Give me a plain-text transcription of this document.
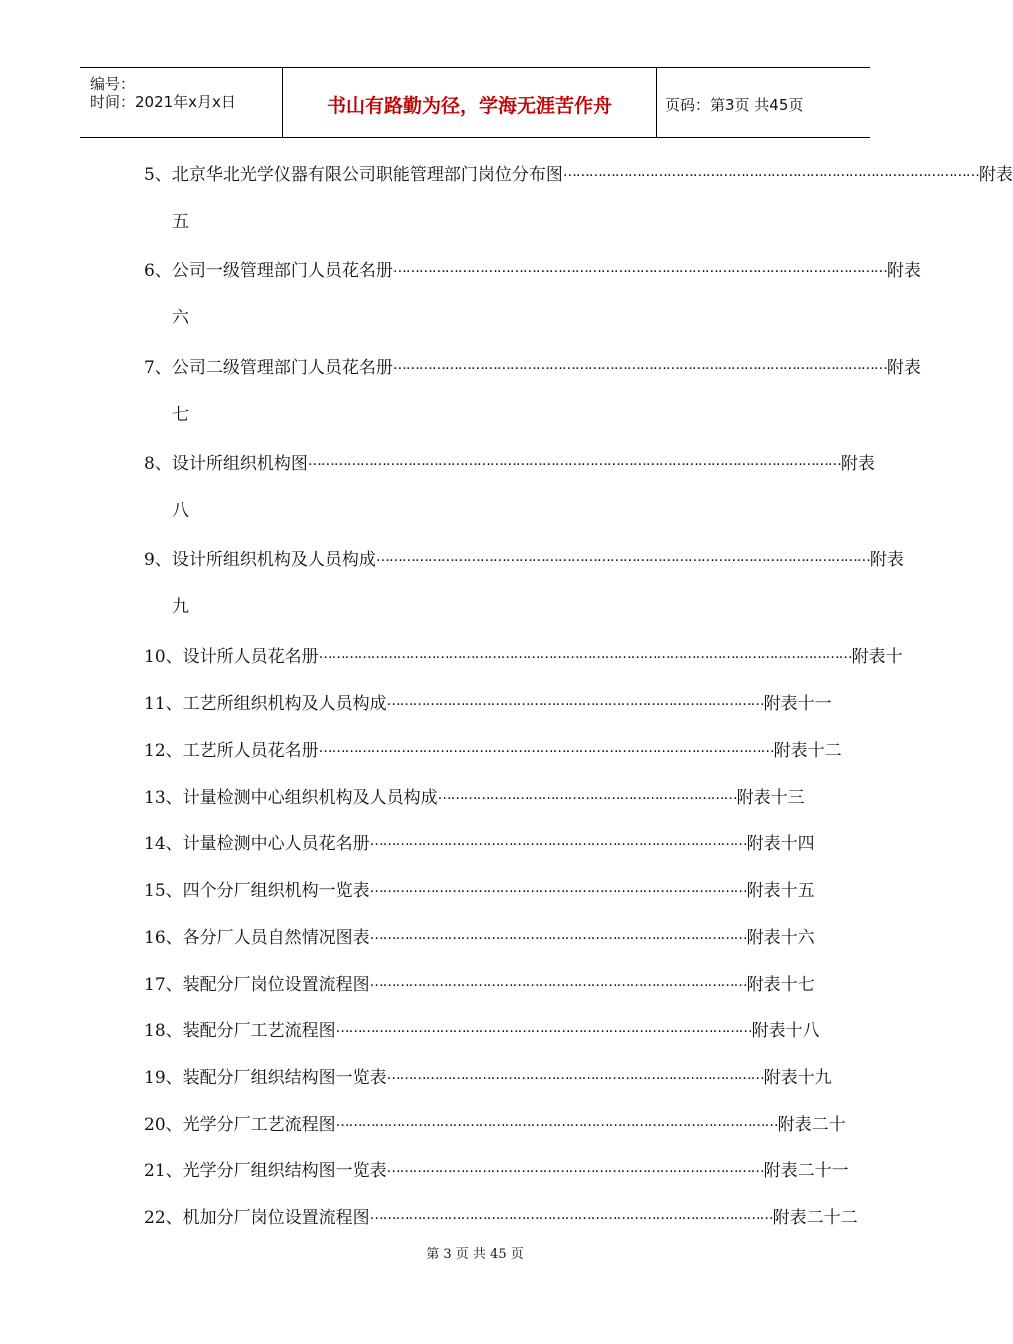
编号：
时间：2021年x月x日	书山有路勤为径，学海无涯苦作舟	页码：第3页 共45页
5、 北京华北光学仪器有限公司职能管理部门岗位分布图 …………………………………………………………………………………… 附表
五
6、 公司一级管理部门人员花名册 …………………………………………………………………………………………………… 附表
六
7、 公司二级管理部门人员花名册 …………………………………………………………………………………………………… 附表
七
8、 设计所组织机构图 …………………………………………………………………………………………………………… 附表
八
9、 设计所组织机构及人员构成 …………………………………………………………………………………………………… 附表
九
10、 设计所人员花名册 …………………………………………………………………………………………………………… 附表十
11、 工艺所组织机构及人员构成 …………………………………………………………………………… 附表十一
12、 工艺所人员花名册 …………………………………………………………………………………………… 附表十二
13、 计量检测中心组织机构及人员构成 …………………………………………………………… 附表十三
14、 计量检测中心人员花名册 …………………………………………………………………………… 附表十四
15、 四个分厂组织机构一览表 …………………………………………………………………………… 附表十五
16、 各分厂人员自然情况图表 …………………………………………………………………………… 附表十六
17、 装配分厂岗位设置流程图 …………………………………………………………………………… 附表十七
18、 装配分厂工艺流程图 …………………………………………………………………………………… 附表十八
19、 装配分厂组织结构图一览表 …………………………………………………………………………… 附表十九
20、 光学分厂工艺流程图 ………………………………………………………………………………………… 附表二十
21、 光学分厂组织结构图一览表 …………………………………………………………………………… 附表二十一
22、 机加分厂岗位设置流程图 ………………………………………………………………………………… 附表二十二
第 3 页 共 45 页
